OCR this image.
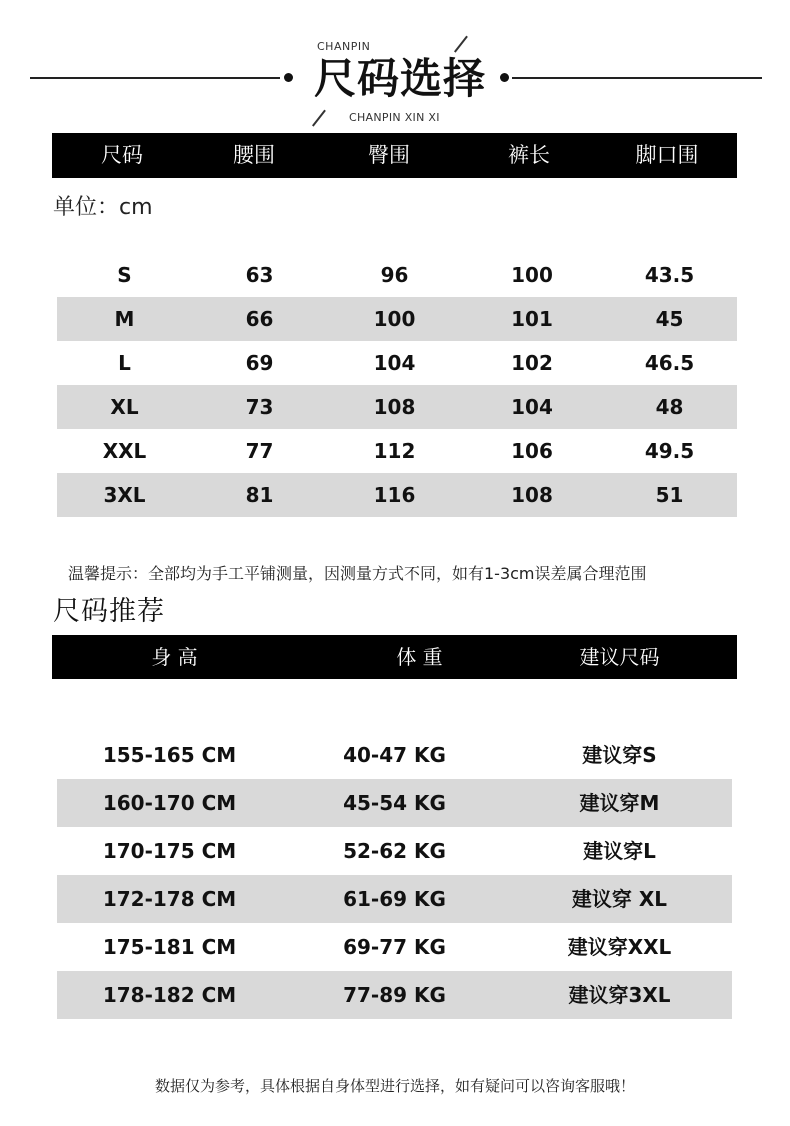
CHANPIN
尺码选择
CHANPIN XIN XI
尺码	腰围	臀围	裤长	脚口围
单位：cm
S	63	96	100	43.5
M	66	100	101	45
L	69	104	102	46.5
XL	73	108	104	48
XXL	77	112	106	49.5
3XL	81	116	108	51
温馨提示：全部均为手工平铺测量，因测量方式不同，如有1-3cm误差属合理范围
尺码推荐
身 高	体 重	建议尺码
155-165 CM	40-47 KG	建议穿S
160-170 CM	45-54 KG	建议穿M
170-175 CM	52-62 KG	建议穿L
172-178 CM	61-69 KG	建议穿 XL
175-181 CM	69-77 KG	建议穿XXL
178-182 CM	77-89 KG	建议穿3XL
数据仅为参考，具体根据自身体型进行选择，如有疑问可以咨询客服哦！
